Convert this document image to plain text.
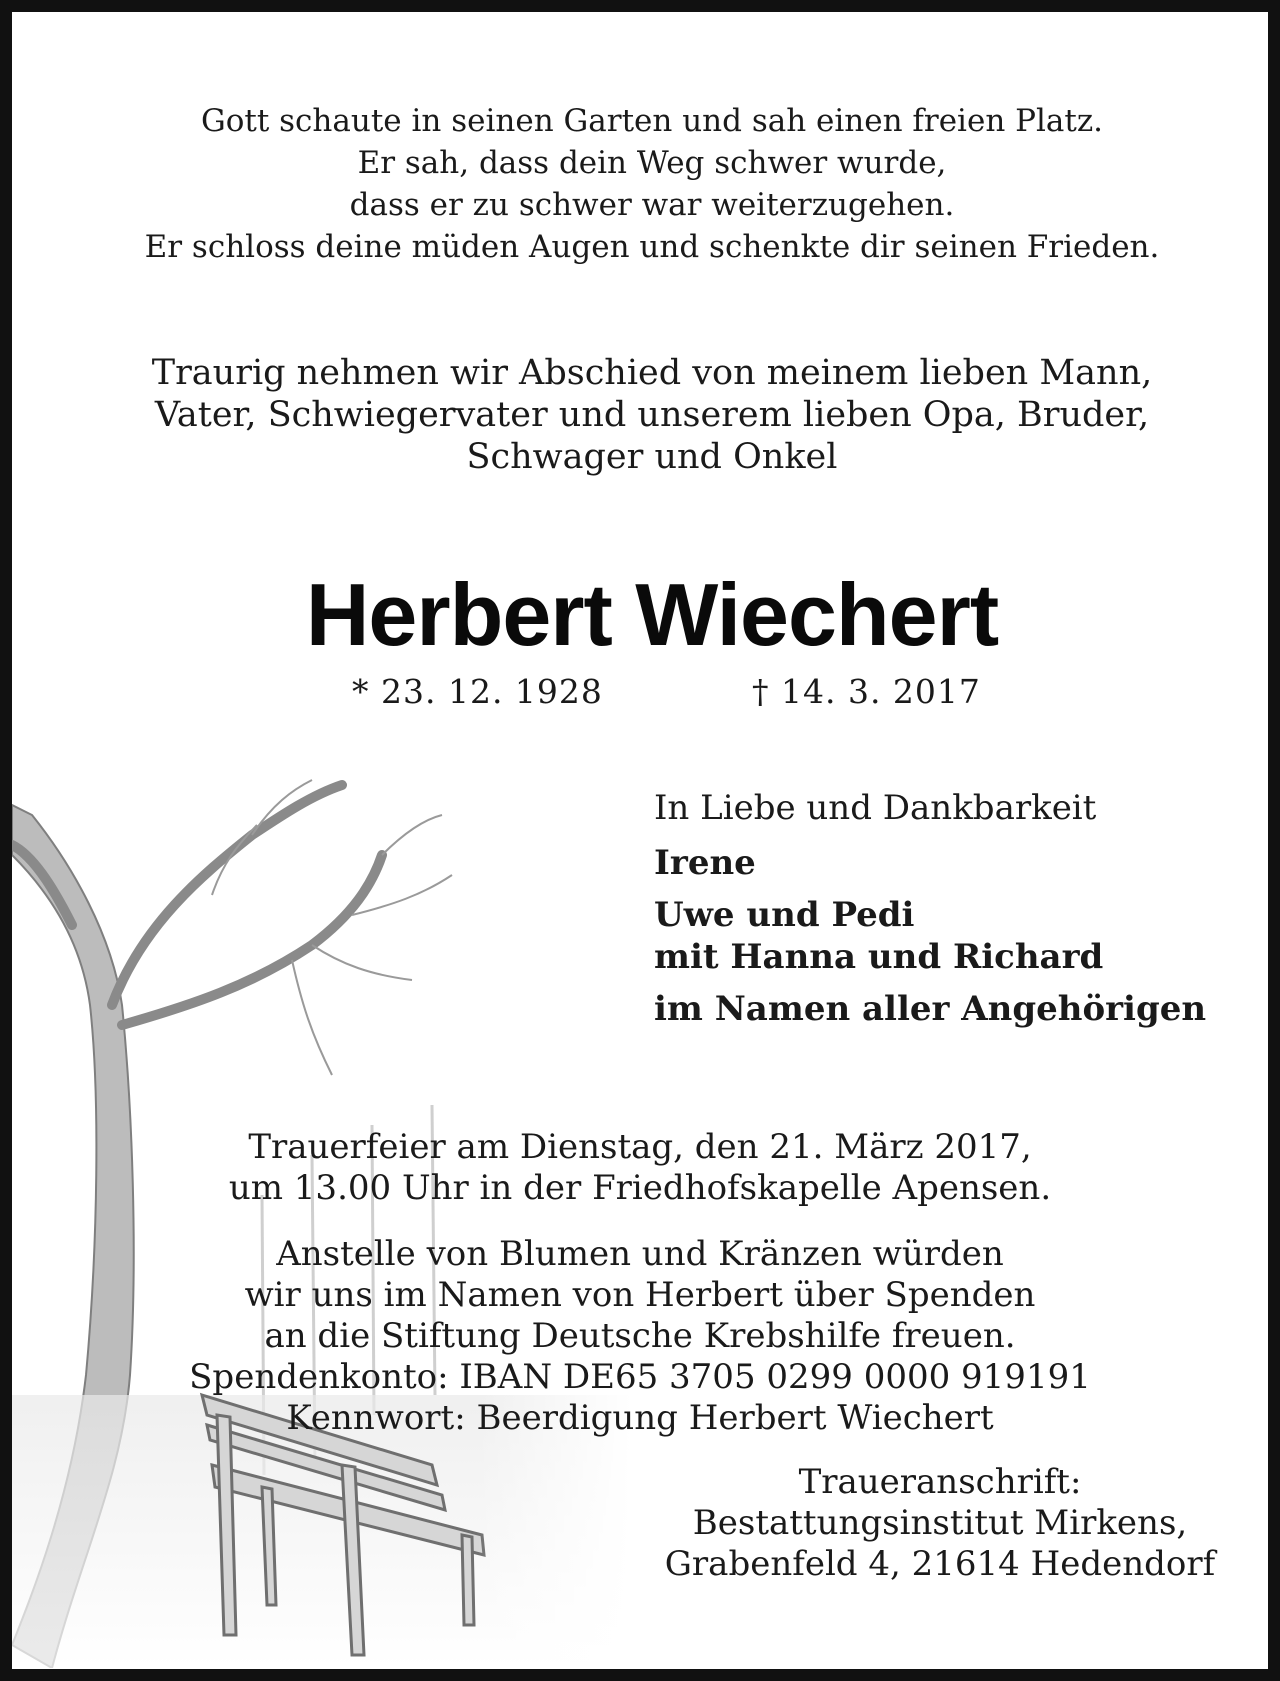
Gott schaute in seinen Garten und sah einen freien Platz.
Er sah, dass dein Weg schwer wurde,
dass er zu schwer war weiterzugehen.
Er schloss deine müden Augen und schenkte dir seinen Frieden.
Traurig nehmen wir Abschied von meinem lieben Mann,
Vater, Schwiegervater und unserem lieben Opa, Bruder,
Schwager und Onkel
Herbert Wiechert
* 23. 12. 1928	† 14. 3. 2017
In Liebe und Dankbarkeit
Irene
Uwe und Pedi
mit Hanna und Richard
im Namen aller Angehörigen
Trauerfeier am Dienstag, den 21. März 2017,
um 13.00 Uhr in der Friedhofskapelle Apensen.
Anstelle von Blumen und Kränzen würden
wir uns im Namen von Herbert über Spenden
an die Stiftung Deutsche Krebshilfe freuen.
Spendenkonto: IBAN DE65 3705 0299 0000 919191
Kennwort: Beerdigung Herbert Wiechert
Traueranschrift:
Bestattungsinstitut Mirkens,
Grabenfeld 4, 21614 Hedendorf
